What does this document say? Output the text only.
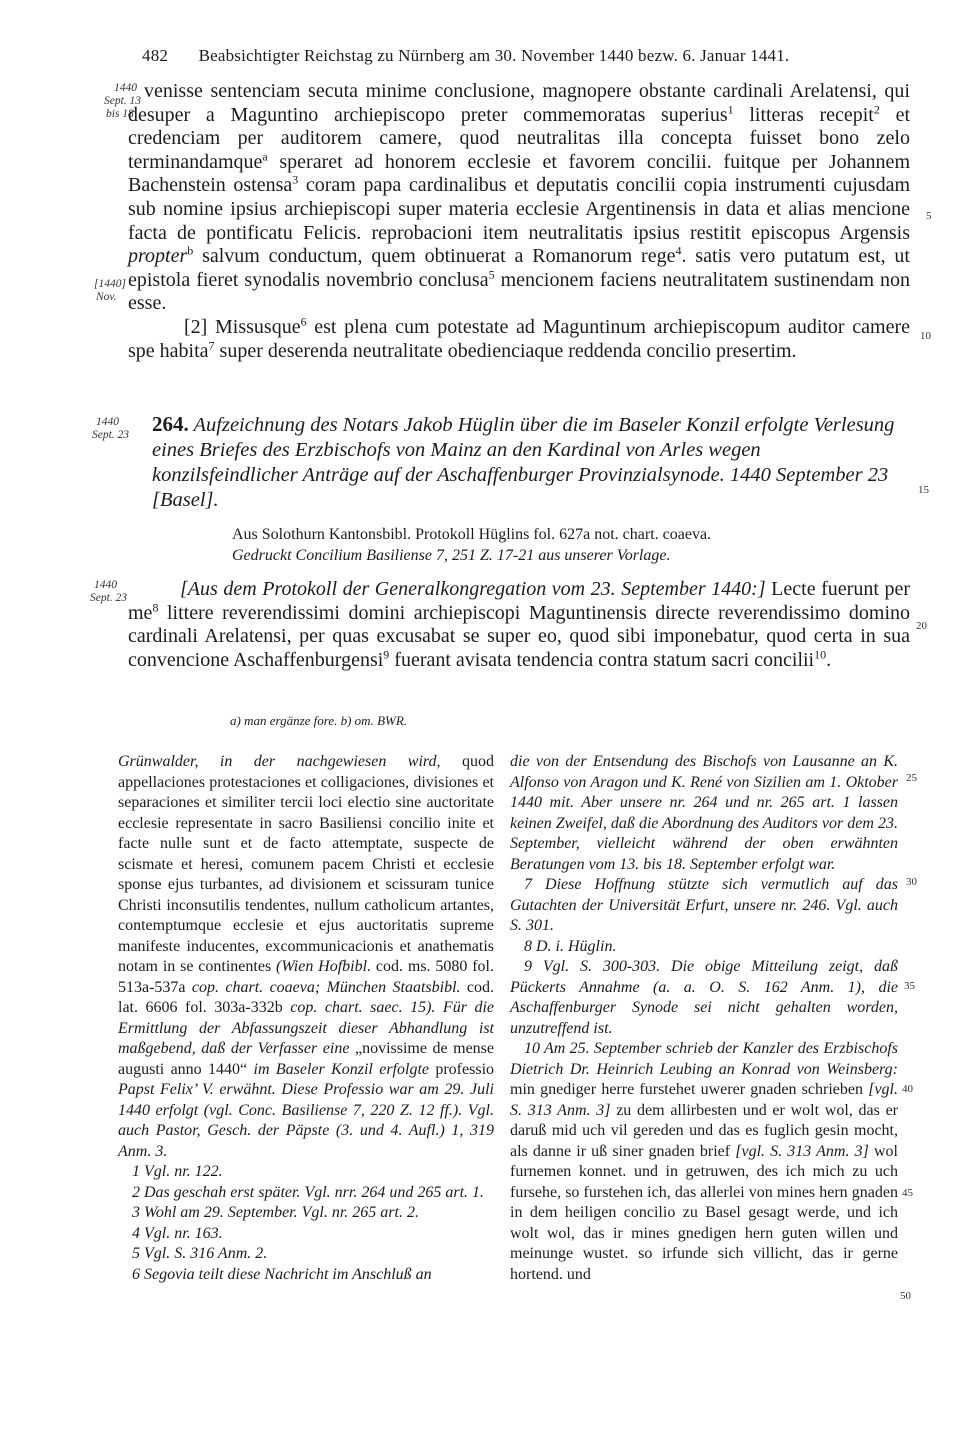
482 Beabsichtigter Reichstag zu Nürnberg am 30. November 1440 bezw. 6. Januar 1441.
1440
Sept. 13
bis 18
[1440]
Nov.
1440
Sept. 23
1440
Sept. 23
5
10
15
20
25
30
35
40
45
50

venisse sentenciam secuta minime conclusione, magnopere obstante cardinali Arelatensi, qui desuper a Maguntino archiepiscopo preter commemoratas superius$^1$ litteras recepit$^2$ et credenciam per auditorem camere, quod neutralitas illa concepta fuisset bono zelo terminandamque$^a$ speraret ad honorem ecclesie et favorem concilii. fuitque per Johannem Bachenstein ostensa$^3$ coram papa cardinalibus et deputatis concilii copia instrumenti cujusdam sub nomine ipsius archiepiscopi super materia ecclesie Argentinensis in data et alias mencione facta de pontificatu Felicis. reprobacioni item neutralitatis ipsius restitit episcopus Argensis propter$^b$ salvum conductum, quem obtinuerat a Romanorum rege$^4$. satis vero putatum est, ut epistola fieret synodalis novembrio conclusa$^5$ mencionem faciens neutralitatem sustinendam non esse.

[2] Missusque$^6$ est plena cum potestate ad Maguntinum archiepiscopum auditor camere spe habita$^7$ super deserenda neutralitate obedienciaque reddenda concilio presertim.

264. Aufzeichnung des Notars Jakob Hüglin über die im Baseler Konzil erfolgte Verlesung eines Briefes des Erzbischofs von Mainz an den Kardinal von Arles wegen konzilsfeindlicher Anträge auf der Aschaffenburger Provinzialsynode. 1440 September 23 [Basel].
Aus Solothurn Kantonsbibl. Protokoll Hüglins fol. 627a not. chart. coaeva.
Gedruckt Concilium Basiliense 7, 251 Z. 17-21 aus unserer Vorlage.

[Aus dem Protokoll der Generalkongregation vom 23. September 1440:] Lecte fuerunt per $me^8$ littere reverendissimi domini archiepiscopi Maguntinensis directe reverendissimo domino cardinali Arelatensi, per quas excusabat se super eo, quod sibi imponebatur, quod certa in sua convencione Aschaffenburgensi$^9$ fuerant avisata tendencia contra statum sacri concilii$^{10}$.

a) man ergänze fore. b) om. BWR.

Grünwalder, in der nachgewiesen wird, quod appellaciones protestaciones et colligaciones, divisiones et separaciones et similiter tercii loci electio sine auctoritate ecclesie representate in sacro Basiliensi concilio inite et facte nulle sunt et de facto attemptate, suspecte de scismate et heresi, comunem pacem Christi et ecclesie sponse ejus turbantes, ad divisionem et scissuram tunice Christi inconsutilis tendentes, nullum catholicum artantes, contemptumque ecclesie et ejus auctoritatis supreme manifeste inducentes, excommunicacionis et anathematis notam in se continentes (Wien Hofbibl. cod. ms. 5080 fol. 513a-537a cop. chart. coaeva; München Staatsbibl. cod. lat. 6606 fol. 303a-332b cop. chart. saec. 15). Für die Ermittlung der Abfassungszeit dieser Abhandlung ist maßgebend, daß der Verfasser eine „novissime de mense augusti anno 1440“ im Baseler Konzil erfolgte professio Papst Felix’ V. erwähnt. Diese Professio war am 29. Juli 1440 erfolgt (vgl. Conc. Basiliense 7, 220 Z. 12 ff.). Vgl. auch Pastor, Gesch. der Päpste (3. und 4. Aufl.) 1, 319 Anm. 3.

1 Vgl. nr. 122.

2 Das geschah erst später. Vgl. nrr. 264 und 265 art. 1.

3 Wohl am 29. September. Vgl. nr. 265 art. 2.

4 Vgl. nr. 163.

5 Vgl. S. 316 Anm. 2.

6 Segovia teilt diese Nachricht im Anschluß an

die von der Entsendung des Bischofs von Lausanne an K. Alfonso von Aragon und K. René von Sizilien am 1. Oktober 1440 mit. Aber unsere nr. 264 und nr. 265 art. 1 lassen keinen Zweifel, daß die Abordnung des Auditors vor dem 23. September, vielleicht während der oben erwähnten Beratungen vom 13. bis 18. September erfolgt war.

7 Diese Hoffnung stützte sich vermutlich auf das Gutachten der Universität Erfurt, unsere nr. 246. Vgl. auch S. 301.

8 D. i. Hüglin.

9 Vgl. S. 300-303. Die obige Mitteilung zeigt, daß Pückerts Annahme (a. a. O. S. 162 Anm. 1), die Aschaffenburger Synode sei nicht gehalten worden, unzutreffend ist.

10 Am 25. September schrieb der Kanzler des Erzbischofs Dietrich Dr. Heinrich Leubing an Konrad von Weinsberg: min gnediger herre furstehet uwerer gnaden schrieben [vgl. S. 313 Anm. 3] zu dem allirbesten und er wolt wol, das er daruß mid uch vil gereden und das es fuglich gesin mocht, als danne ir uß siner gnaden brief [vgl. S. 313 Anm. 3] wol furnemen konnet. und in getruwen, des ich mich zu uch fursehe, so furstehen ich, das allerlei von mines hern gnaden in dem heiligen concilio zu Basel gesagt werde, und ich wolt wol, das ir mines gnedigen hern guten willen und meinunge wustet. so irfunde sich villicht, das ir gerne hortend. und
